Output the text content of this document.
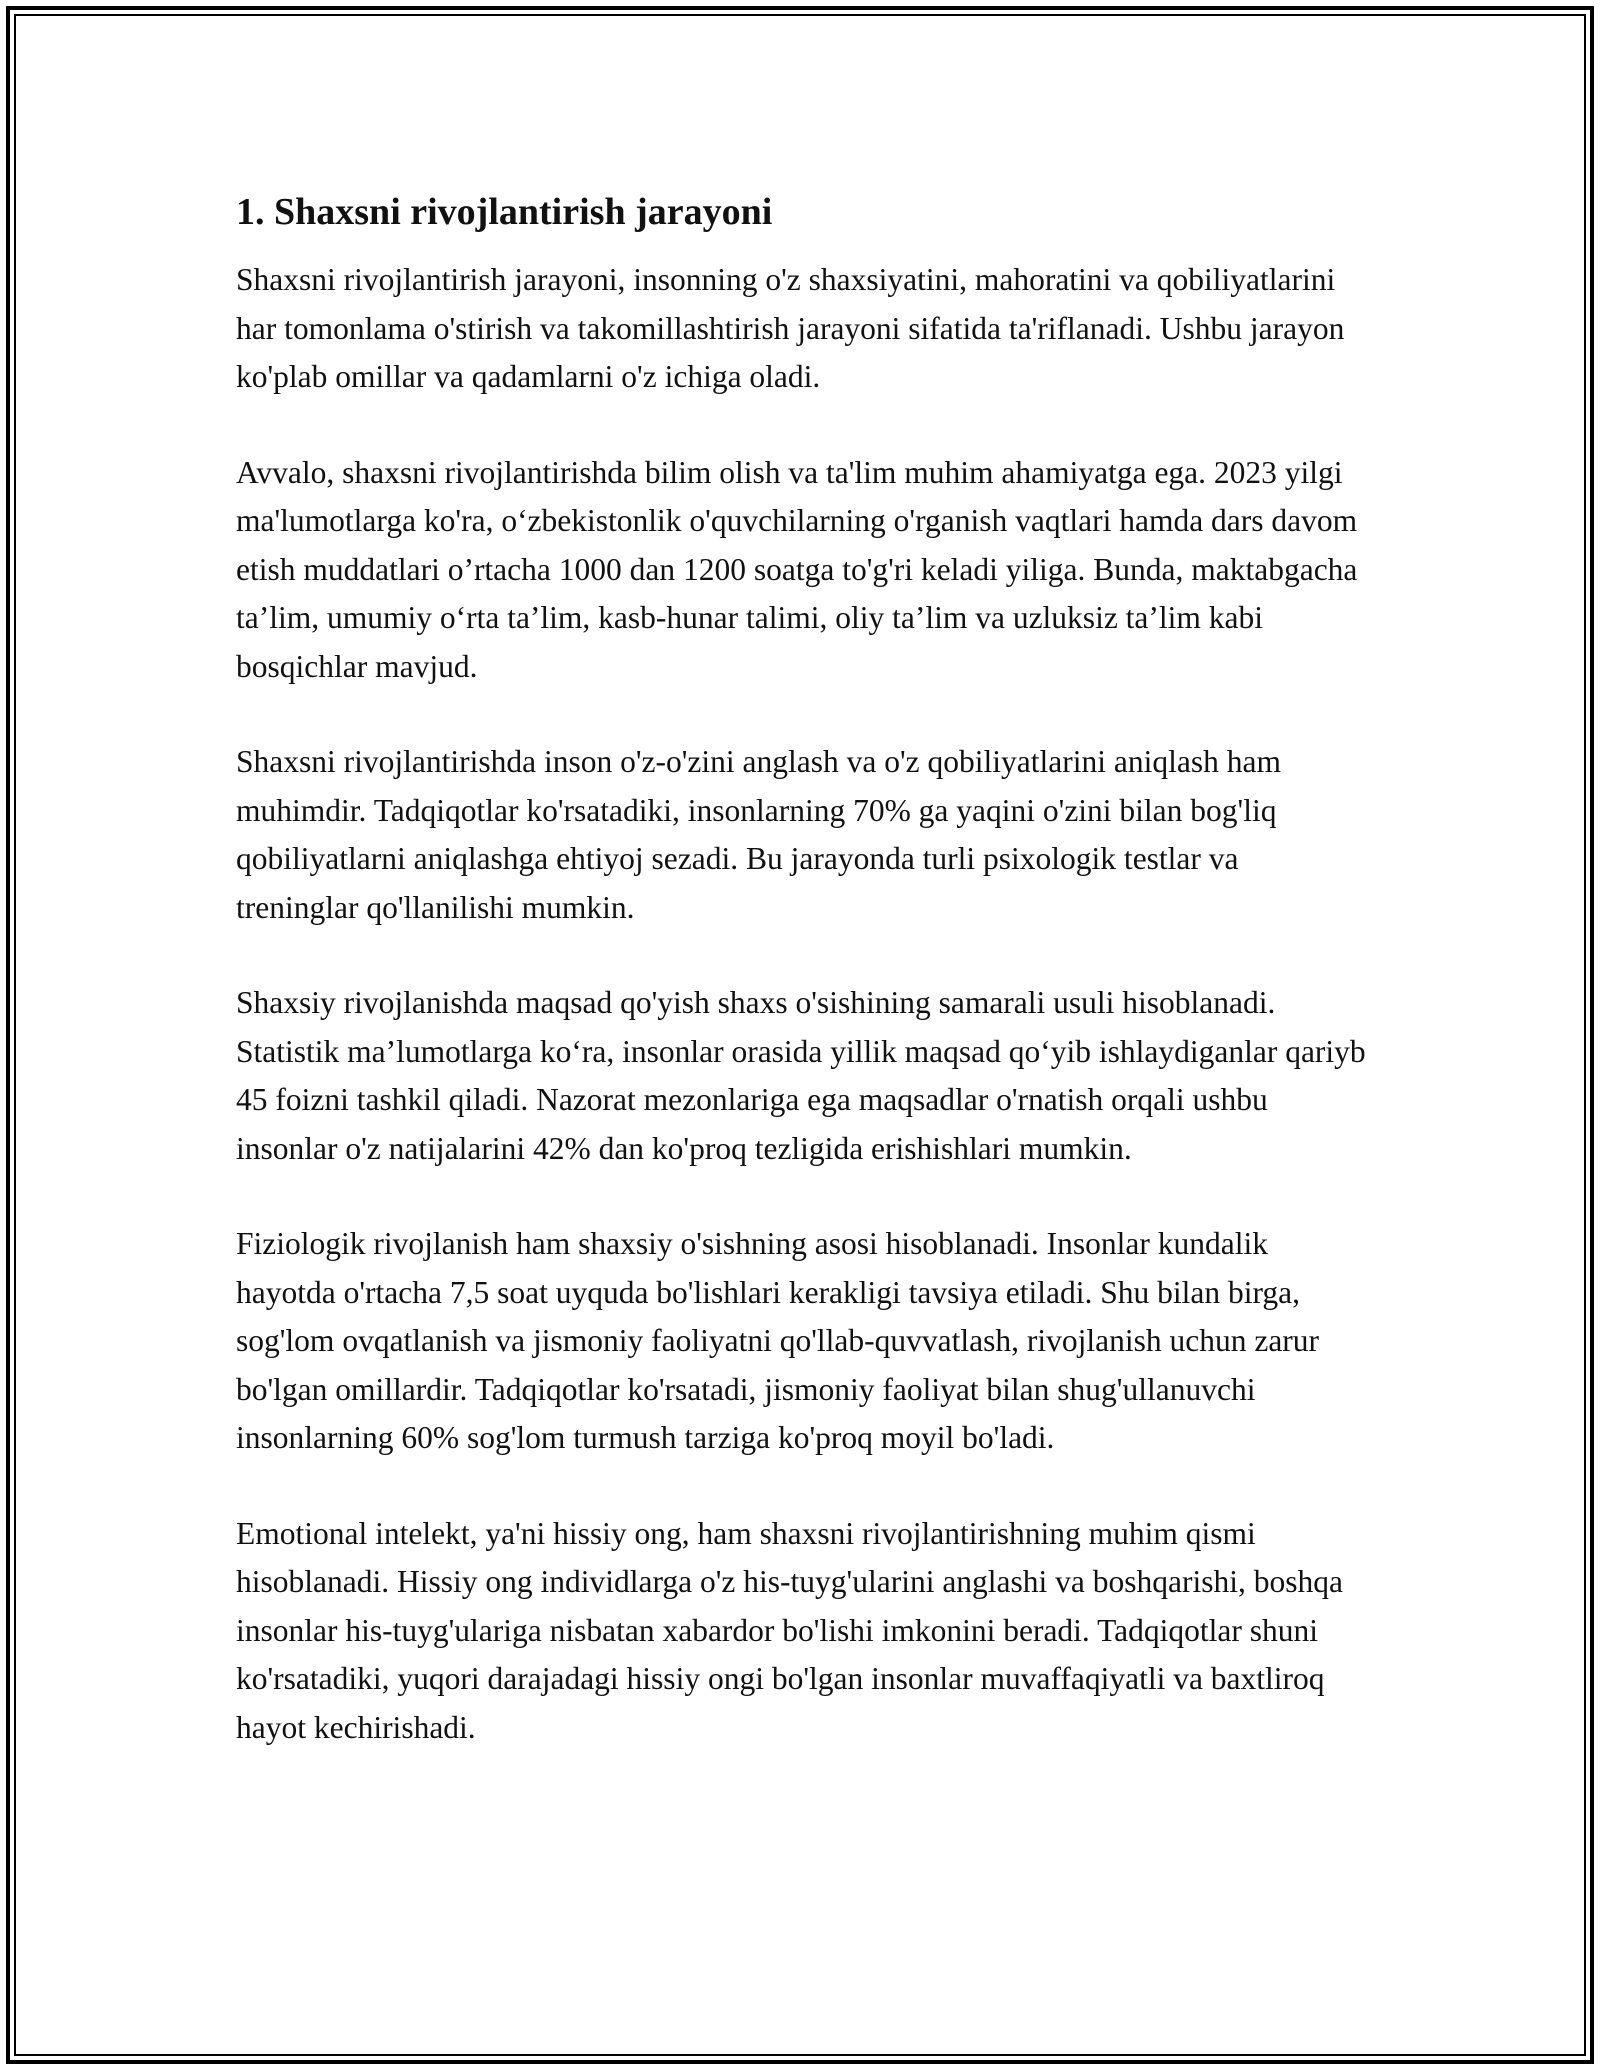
1. Shaxsni rivojlantirish jarayoni

Shaxsni rivojlantirish jarayoni, insonning o'z shaxsiyatini, mahoratini va qobiliyatlarini har tomonlama o'stirish va takomillashtirish jarayoni sifatida ta'riflanadi. Ushbu jarayon ko'plab omillar va qadamlarni o'z ichiga oladi.

Avvalo, shaxsni rivojlantirishda bilim olish va ta'lim muhim ahamiyatga ega. 2023 yilgi ma'lumotlarga ko'ra, o‘zbekistonlik o'quvchilarning o'rganish vaqtlari hamda dars davom etish muddatlari o’rtacha 1000 dan 1200 soatga to'g'ri keladi yiliga. Bunda, maktabgacha ta’lim, umumiy o‘rta ta’lim, kasb-hunar talimi, oliy ta’lim va uzluksiz ta’lim kabi bosqichlar mavjud.

Shaxsni rivojlantirishda inson o'z-o'zini anglash va o'z qobiliyatlarini aniqlash ham muhimdir. Tadqiqotlar ko'rsatadiki, insonlarning 70% ga yaqini o'zini bilan bog'liq qobiliyatlarni aniqlashga ehtiyoj sezadi. Bu jarayonda turli psixologik testlar va treninglar qo'llanilishi mumkin.

Shaxsiy rivojlanishda maqsad qo'yish shaxs o'sishining samarali usuli hisoblanadi. Statistik ma’lumotlarga ko‘ra, insonlar orasida yillik maqsad qo‘yib ishlaydiganlar qariyb 45 foizni tashkil qiladi. Nazorat mezonlariga ega maqsadlar o'rnatish orqali ushbu insonlar o'z natijalarini 42% dan ko'proq tezligida erishishlari mumkin.

Fiziologik rivojlanish ham shaxsiy o'sishning asosi hisoblanadi. Insonlar kundalik hayotda o'rtacha 7,5 soat uyquda bo'lishlari kerakligi tavsiya etiladi. Shu bilan birga, sog'lom ovqatlanish va jismoniy faoliyatni qo'llab-quvvatlash, rivojlanish uchun zarur bo'lgan omillardir. Tadqiqotlar ko'rsatadi, jismoniy faoliyat bilan shug'ullanuvchi insonlarning 60% sog'lom turmush tarziga ko'proq moyil bo'ladi.

Emotional intelekt, ya'ni hissiy ong, ham shaxsni rivojlantirishning muhim qismi hisoblanadi. Hissiy ong individlarga o'z his-tuyg'ularini anglashi va boshqarishi, boshqa insonlar his-tuyg'ulariga nisbatan xabardor bo'lishi imkonini beradi. Tadqiqotlar shuni ko'rsatadiki, yuqori darajadagi hissiy ongi bo'lgan insonlar muvaffaqiyatli va baxtliroq hayot kechirishadi.
